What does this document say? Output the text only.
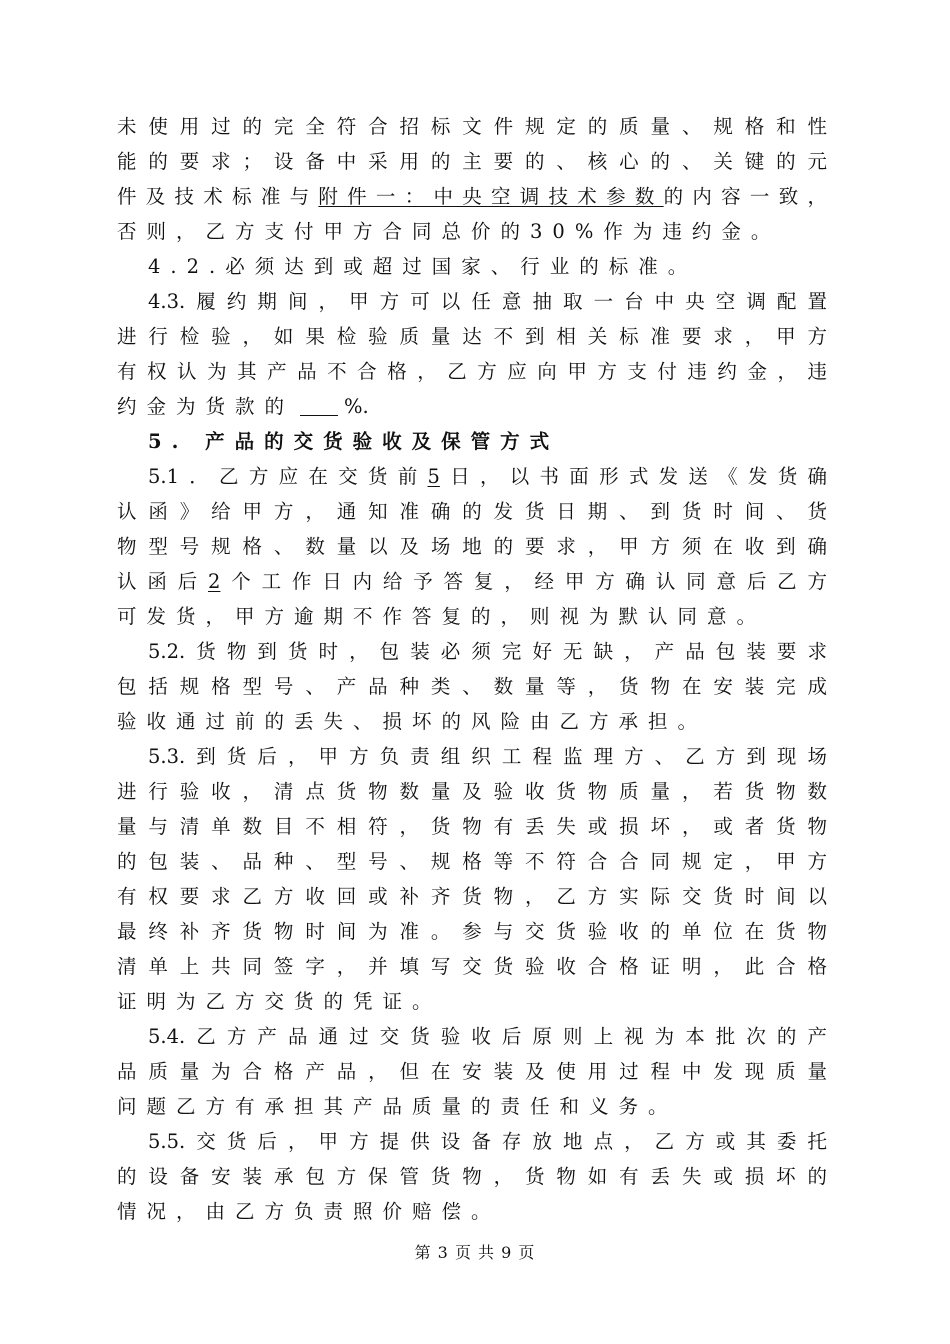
未使用过的完全符合招标文件规定的质量、规格和性
能的要求；设备中采用的主要的、核心的、关键的元
件及技术标准与附件一：中央空调技术参数的内容一致，
否则，乙方支付甲方合同总价的30%作为违约金。
4.2.必须达到或超过国家、行业的标准。
4.3.履约期间，甲方可以任意抽取一台中央空调配置
进行检验，如果检验质量达不到相关标准要求，甲方
有权认为其产品不合格，乙方应向甲方支付违约金，违
约金为货款的	%.
5. 产品的交货验收及保管方式
5.1．乙方应在交货前5日，以书面形式发送《发货确
认函》给甲方，通知准确的发货日期、到货时间、货
物型号规格、数量以及场地的要求，甲方须在收到确
认函后2个工作日内给予答复，经甲方确认同意后乙方
可发货，甲方逾期不作答复的，则视为默认同意。
5.2.货物到货时，包装必须完好无缺，产品包装要求
包括规格型号、产品种类、数量等，货物在安装完成
验收通过前的丢失、损坏的风险由乙方承担。
5.3.到货后，甲方负责组织工程监理方、乙方到现场
进行验收，清点货物数量及验收货物质量，若货物数
量与清单数目不相符，货物有丢失或损坏，或者货物
的包装、品种、型号、规格等不符合合同规定，甲方
有权要求乙方收回或补齐货物，乙方实际交货时间以
最终补齐货物时间为准。参与交货验收的单位在货物
清单上共同签字，并填写交货验收合格证明，此合格
证明为乙方交货的凭证。
5.4.乙方产品通过交货验收后原则上视为本批次的产
品质量为合格产品，但在安装及使用过程中发现质量
问题乙方有承担其产品质量的责任和义务。
5.5.交货后，甲方提供设备存放地点，乙方或其委托
的设备安装承包方保管货物，货物如有丢失或损坏的
情况，由乙方负责照价赔偿。
第 3 页 共 9 页
